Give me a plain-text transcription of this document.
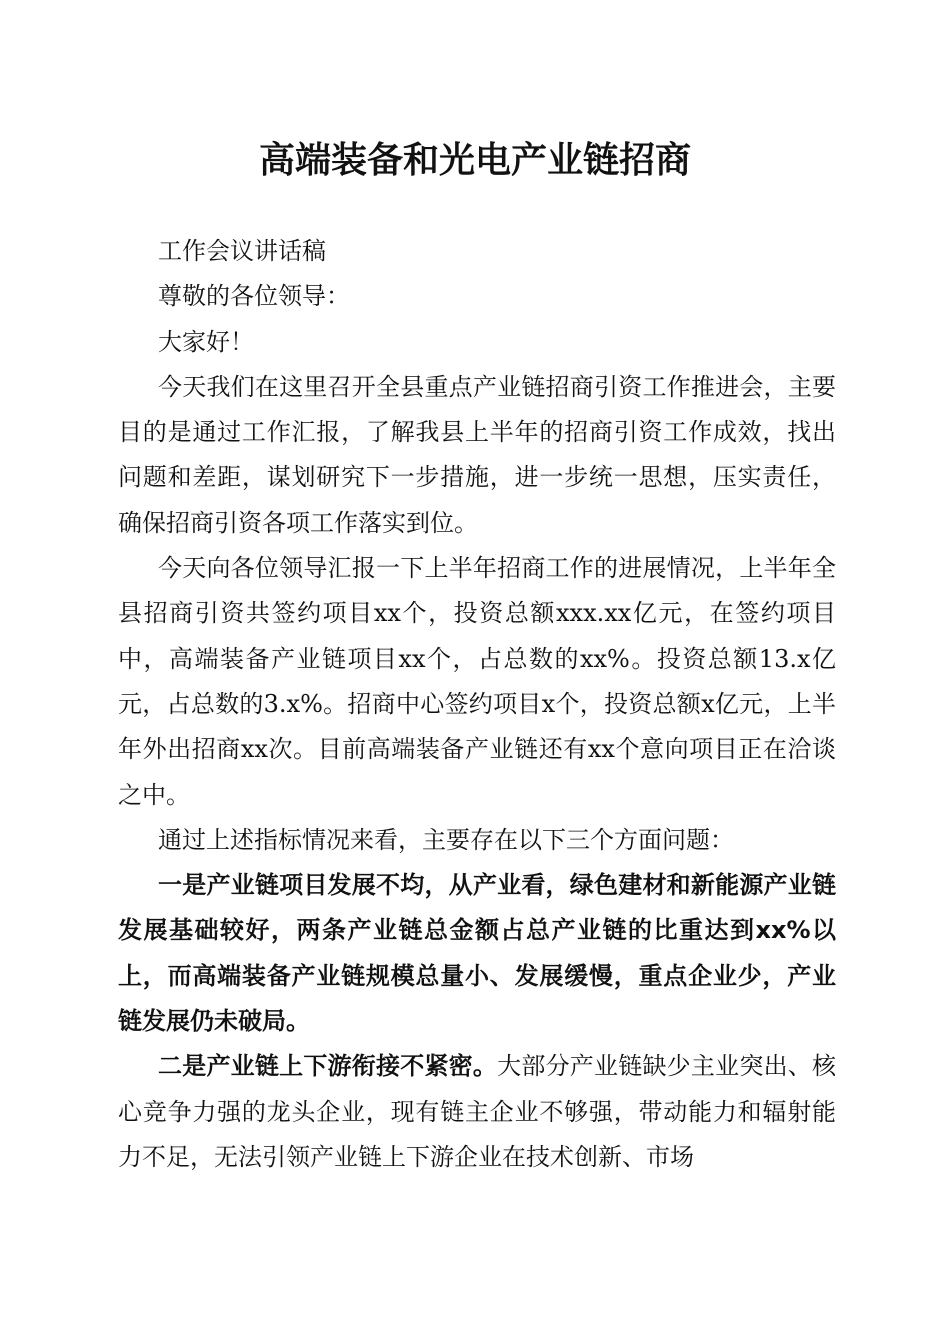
高端装备和光电产业链招商

工作会议讲话稿

尊敬的各位领导：

大家好！

今天我们在这里召开全县重点产业链招商引资工作推进会，主要目的是通过工作汇报，了解我县上半年的招商引资工作成效，找出问题和差距，谋划研究下一步措施，进一步统一思想，压实责任，确保招商引资各项工作落实到位。

今天向各位领导汇报一下上半年招商工作的进展情况，上半年全县招商引资共签约项目xx个，投资总额xxx.xx亿元，在签约项目中，高端装备产业链项目xx个，占总数的xx%。投资总额13.x亿元，占总数的3.x%。招商中心签约项目x个，投资总额x亿元，上半年外出招商xx次。目前高端装备产业链还有xx个意向项目正在洽谈之中。

通过上述指标情况来看，主要存在以下三个方面问题：

一是产业链项目发展不均，从产业看，绿色建材和新能源产业链发展基础较好，两条产业链总金额占总产业链的比重达到xx%以上，而高端装备产业链规模总量小、发展缓慢，重点企业少，产业链发展仍未破局。

二是产业链上下游衔接不紧密。大部分产业链缺少主业突出、核心竞争力强的龙头企业，现有链主企业不够强，带动能力和辐射能力不足，无法引领产业链上下游企业在技术创新、市场
